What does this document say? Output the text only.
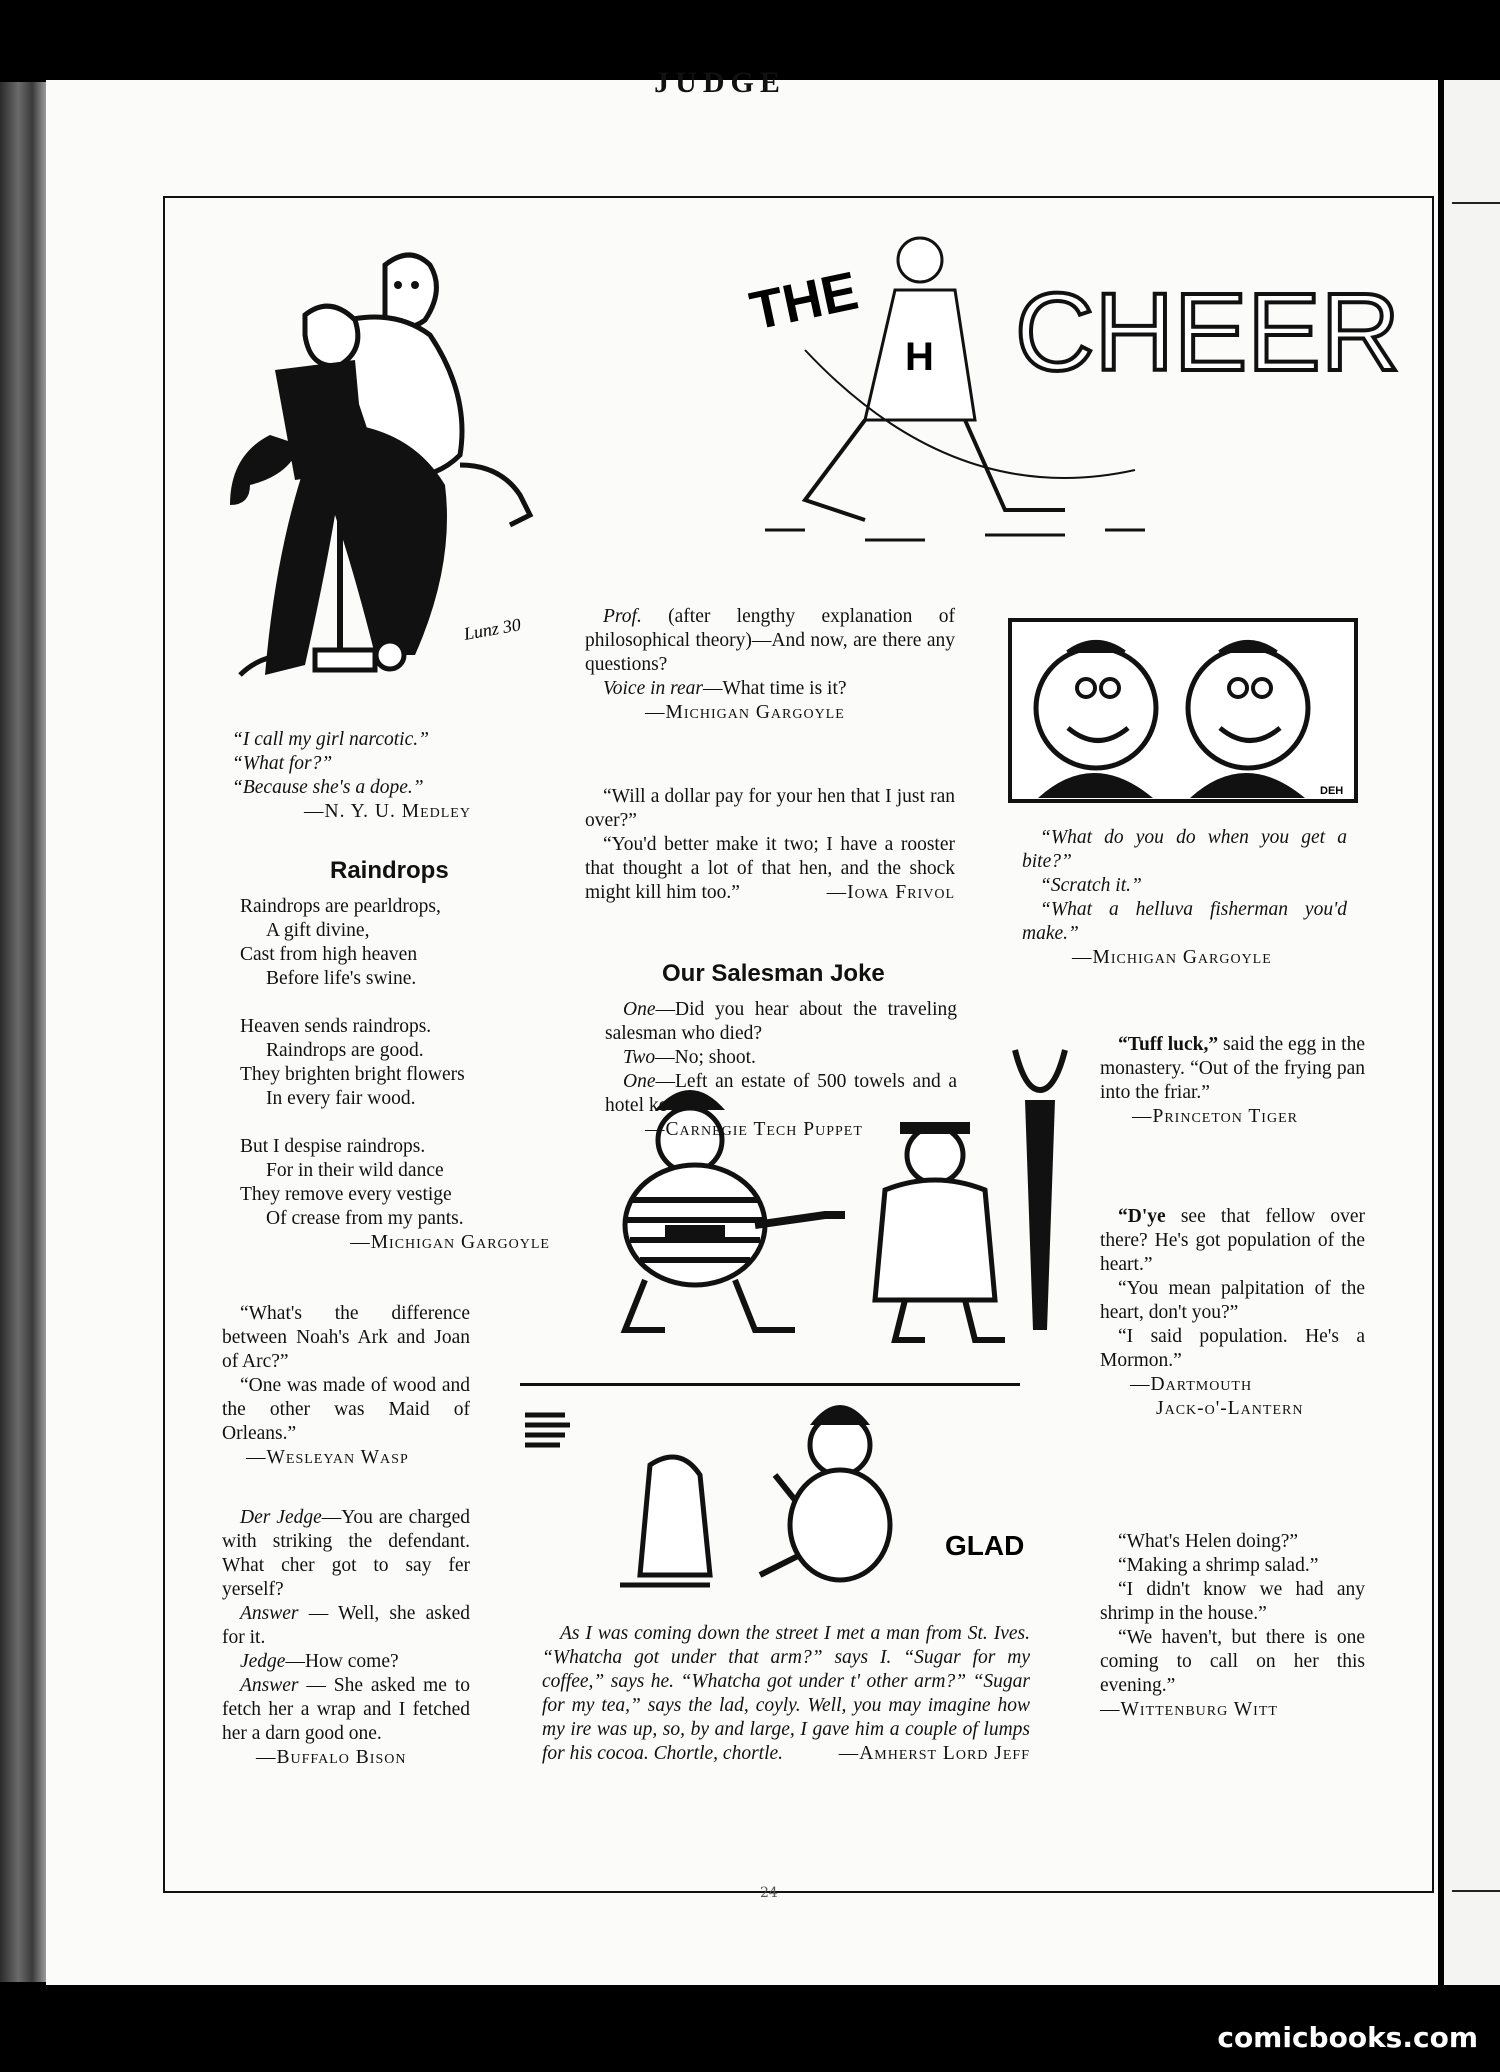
JUDGE
Lunz 30
THE CHEER
H
DEH
GLAD

“I call my girl narcotic.”

“What for?”

“Because she's a dope.”

—N. Y. U. Medley

Raindrops

Raindrops are pearldrops,

A gift divine,

Cast from high heaven

Before life's swine.

Heaven sends raindrops.

Raindrops are good.

They brighten bright flowers

In every fair wood.

But I despise raindrops.

For in their wild dance

They remove every vestige

Of crease from my pants.

—Michigan Gargoyle

“What's the difference between Noah's Ark and Joan of Arc?”

“One was made of wood and the other was Maid of Orleans.”

—Wesleyan Wasp

Der Jedge—You are charged with striking the defendant. What cher got to say fer yerself?

Answer — Well, she asked for it.

Jedge—How come?

Answer — She asked me to fetch her a wrap and I fetched her a darn good one.

—Buffalo Bison

Prof. (after lengthy explanation of philosophical theory)—And now, are there any questions?

Voice in rear—What time is it?

—Michigan Gargoyle

“Will a dollar pay for your hen that I just ran over?”

“You'd better make it two; I have a rooster that thought a lot of that hen, and the shock might kill him too.”	—Iowa Frivol

Our Salesman Joke

One—Did you hear about the traveling salesman who died?

Two—No; shoot.

One—Left an estate of 500 towels and a hotel key.

—Carnegie Tech Puppet

As I was coming down the street I met a man from St. Ives. “Whatcha got under that arm?” says I. “Sugar for my coffee,” says he. “Whatcha got under t' other arm?” “Sugar for my tea,” says the lad, coyly. Well, you may imagine how my ire was up, so, by and large, I gave him a couple of lumps for his cocoa. Chortle, chortle.	—Amherst Lord Jeff

“What do you do when you get a bite?”

“Scratch it.”

“What a helluva fisherman you'd make.”

—Michigan Gargoyle

“Tuff luck,” said the egg in the monastery. “Out of the frying pan into the friar.”

—Princeton Tiger

“D'ye see that fellow over there? He's got population of the heart.”

“You mean palpitation of the heart, don't you?”

“I said population. He's a Mormon.”

—Dartmouth

Jack-o'-Lantern

“What's Helen doing?”

“Making a shrimp salad.”

“I didn't know we had any shrimp in the house.”

“We haven't, but there is one coming to call on her this evening.”

—Wittenburg Witt

24
comicbooks.com
